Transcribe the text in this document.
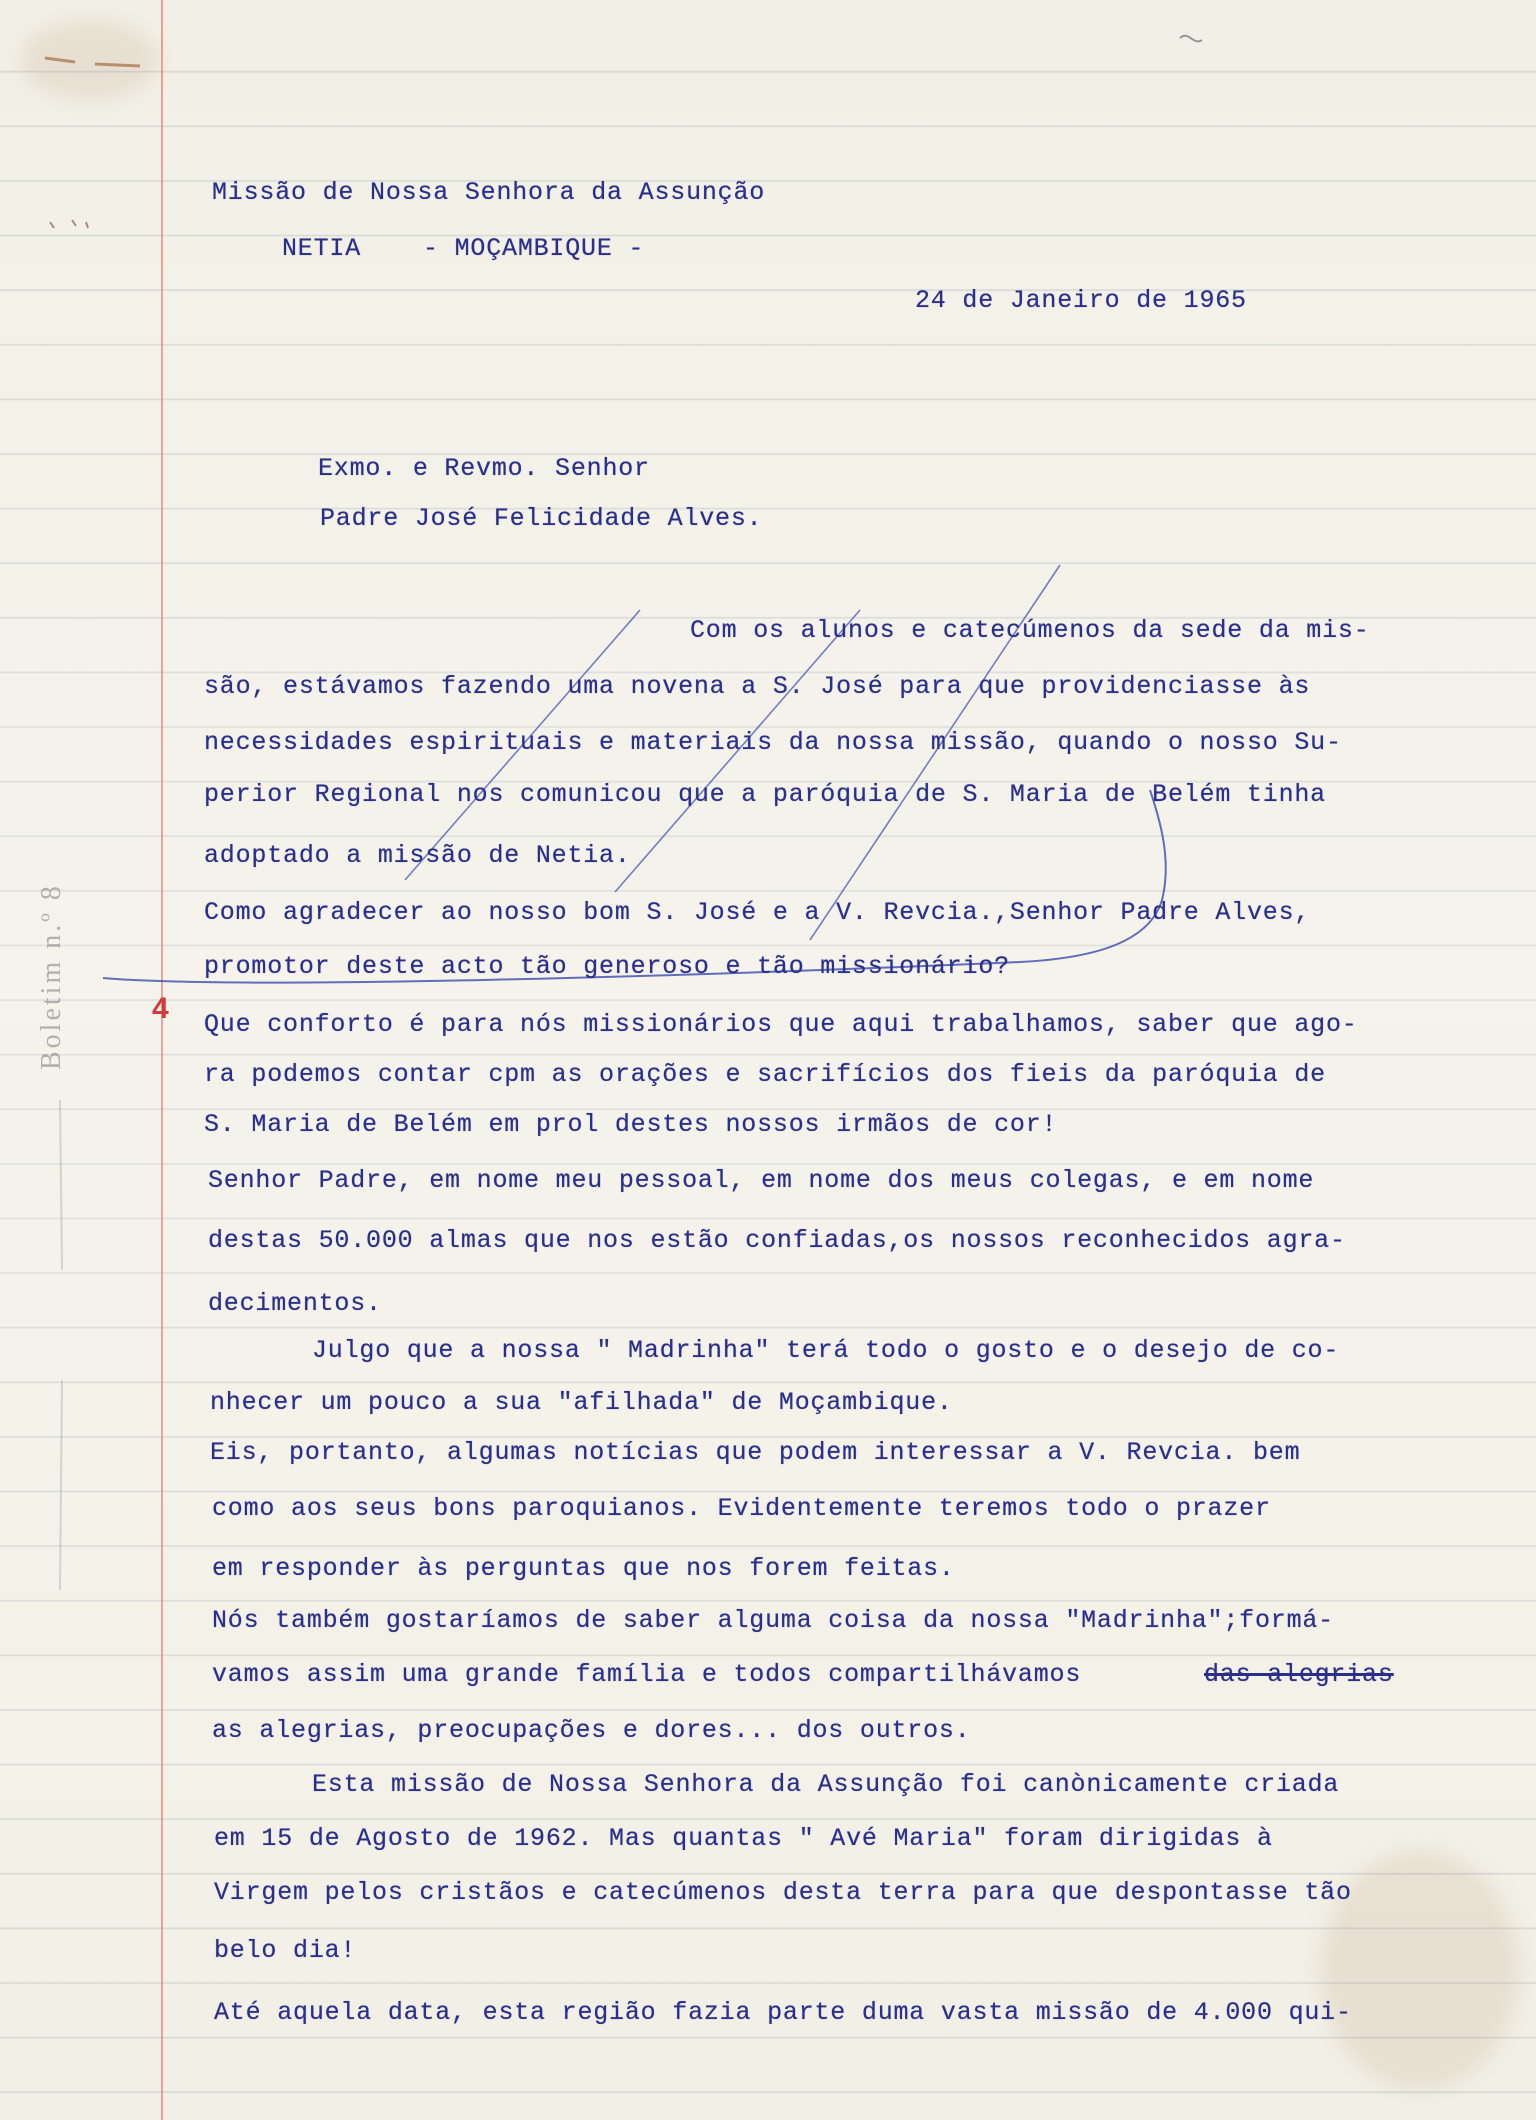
4
Boletim n.º 8

Missão de Nossa Senhora da Assunção

NETIA - MOÇAMBIQUE -

24 de Janeiro de 1965

Exmo. e Revmo. Senhor

Padre José Felicidade Alves.

Com os alunos e catecúmenos da sede da mis-

são, estávamos fazendo uma novena a S. José para que providenciasse às

necessidades espirituais e materiais da nossa missão, quando o nosso Su-

perior Regional nos comunicou que a paróquia de S. Maria de Belém tinha

adoptado a missão de Netia.

Como agradecer ao nosso bom S. José e a V. Revcia.,Senhor Padre Alves,

promotor deste acto tão generoso e tão missionário?

Que conforto é para nós missionários que aqui trabalhamos, saber que ago-

ra podemos contar cpm as orações e sacrifícios dos fieis da paróquia de

S. Maria de Belém em prol destes nossos irmãos de cor!

Senhor Padre, em nome meu pessoal, em nome dos meus colegas, e em nome

destas 50.000 almas que nos estão confiadas,os nossos reconhecidos agra-

decimentos.

Julgo que a nossa " Madrinha" terá todo o gosto e o desejo de co-

nhecer um pouco a sua "afilhada" de Moçambique.

Eis, portanto, algumas notícias que podem interessar a V. Revcia. bem

como aos seus bons paroquianos. Evidentemente teremos todo o prazer

em responder às perguntas que nos forem feitas.

Nós também gostaríamos de saber alguma coisa da nossa "Madrinha";formá-

vamos assim uma grande família e todos compartilhávamos	das alegrias

as alegrias, preocupações e dores... dos outros.

Esta missão de Nossa Senhora da Assunção foi canònicamente criada

em 15 de Agosto de 1962. Mas quantas " Avé Maria" foram dirigidas à

Virgem pelos cristãos e catecúmenos desta terra para que despontasse tão

belo dia!

Até aquela data, esta região fazia parte duma vasta missão de 4.000 qui-
